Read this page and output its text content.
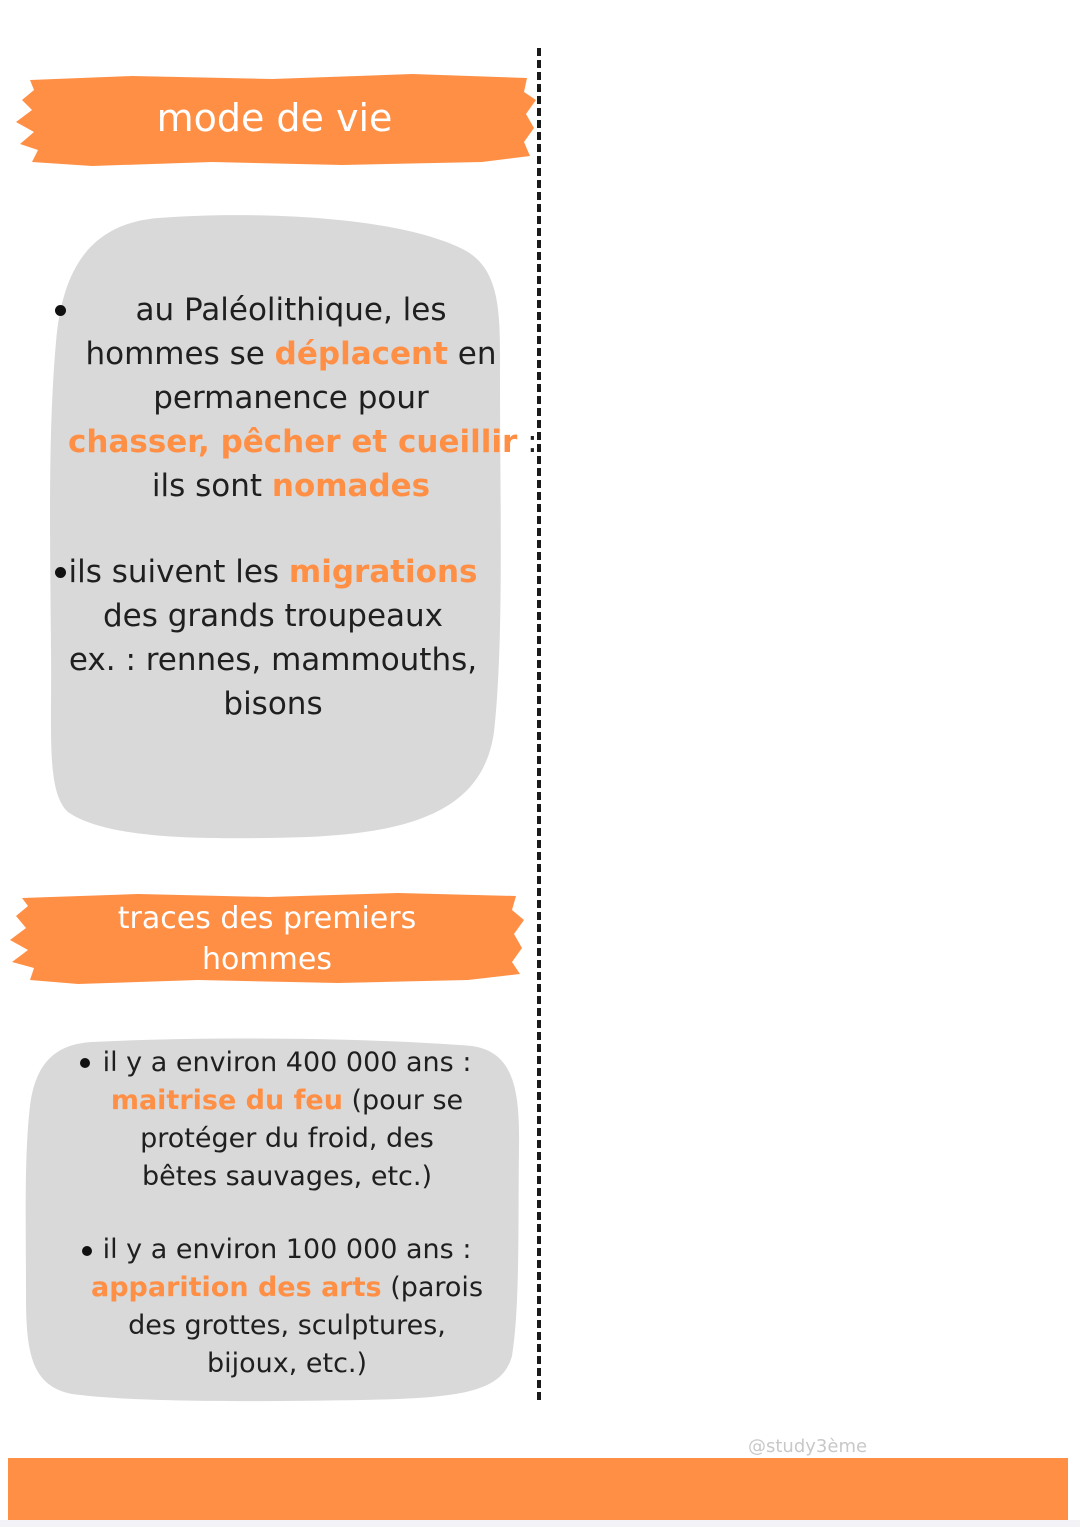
mode de vie
au Paléolithique, les
hommes se déplacent en
permanence pour
chasser, pêcher et cueillir :
ils sont nomades
ils suivent les migrations
des grands troupeaux
ex. : rennes, mammouths,
bisons
traces des premiers
hommes
il y a environ 400 000 ans :
maitrise du feu (pour se
protéger du froid, des
bêtes sauvages, etc.)
il y a environ 100 000 ans :
apparition des arts (parois
des grottes, sculptures,
bijoux, etc.)
@study3ème
